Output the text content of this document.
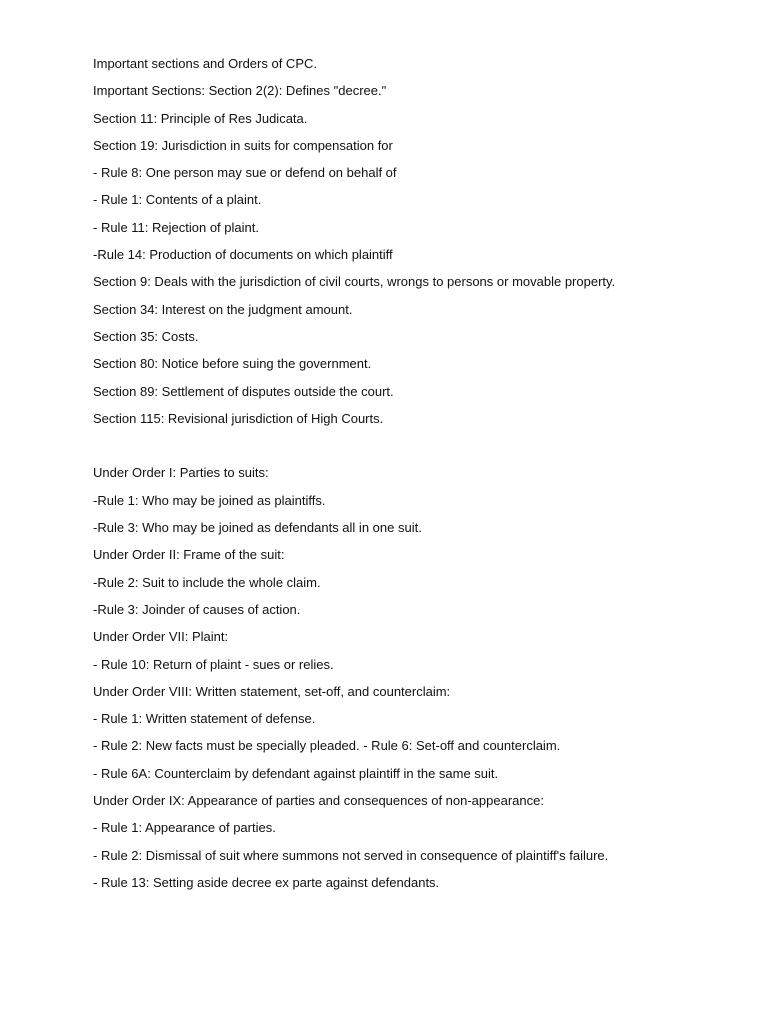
Important sections and Orders of CPC.
Important Sections: Section 2(2): Defines "decree."
Section 11: Principle of Res Judicata.
Section 19: Jurisdiction in suits for compensation for
- Rule 8: One person may sue or defend on behalf of
- Rule 1: Contents of a plaint.
- Rule 11: Rejection of plaint.
-Rule 14: Production of documents on which plaintiff
Section 9: Deals with the jurisdiction of civil courts, wrongs to persons or movable property.
Section 34: Interest on the judgment amount.
Section 35: Costs.
Section 80: Notice before suing the government.
Section 89: Settlement of disputes outside the court.
Section 115: Revisional jurisdiction of High Courts.
Under Order I: Parties to suits:
-Rule 1: Who may be joined as plaintiffs.
-Rule 3: Who may be joined as defendants all in one suit.
Under Order II: Frame of the suit:
-Rule 2: Suit to include the whole claim.
-Rule 3: Joinder of causes of action.
Under Order VII: Plaint:
- Rule 10: Return of plaint - sues or relies.
Under Order VIII: Written statement, set-off, and counterclaim:
- Rule 1: Written statement of defense.
- Rule 2: New facts must be specially pleaded. - Rule 6: Set-off and counterclaim.
- Rule 6A: Counterclaim by defendant against plaintiff in the same suit.
Under Order IX: Appearance of parties and consequences of non-appearance:
- Rule 1: Appearance of parties.
- Rule 2: Dismissal of suit where summons not served in consequence of plaintiff's failure.
- Rule 13: Setting aside decree ex parte against defendants.
